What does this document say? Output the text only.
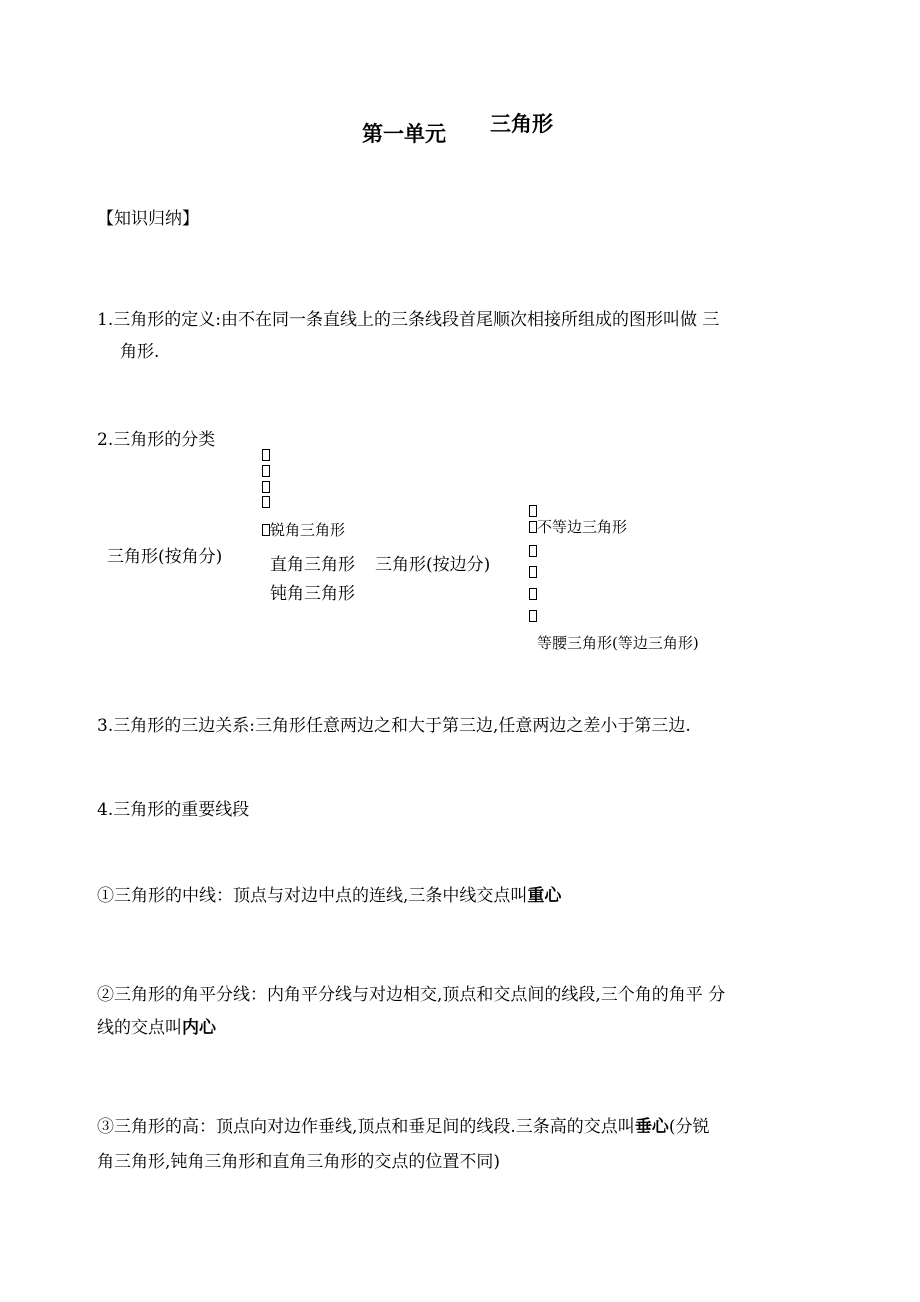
第一单元 三角形
【知识归纳】
1.三角形的定义:由不在同一条直线上的三条线段首尾顺次相接所组成的图形叫做 三
角形.
2.三角形的分类
锐角三角形
三角形(按角分)	直角三角形 三角形(按边分)
钝角三角形
不等边三角形
等腰三角形(等边三角形)
3.三角形的三边关系:三角形任意两边之和大于第三边,任意两边之差小于第三边.
4.三角形的重要线段
①三角形的中线：顶点与对边中点的连线,三条中线交点叫重心
②三角形的角平分线：内角平分线与对边相交,顶点和交点间的线段,三个角的角平 分
线的交点叫内心
③三角形的高：顶点向对边作垂线,顶点和垂足间的线段.三条高的交点叫垂心(分锐
角三角形,钝角三角形和直角三角形的交点的位置不同)
